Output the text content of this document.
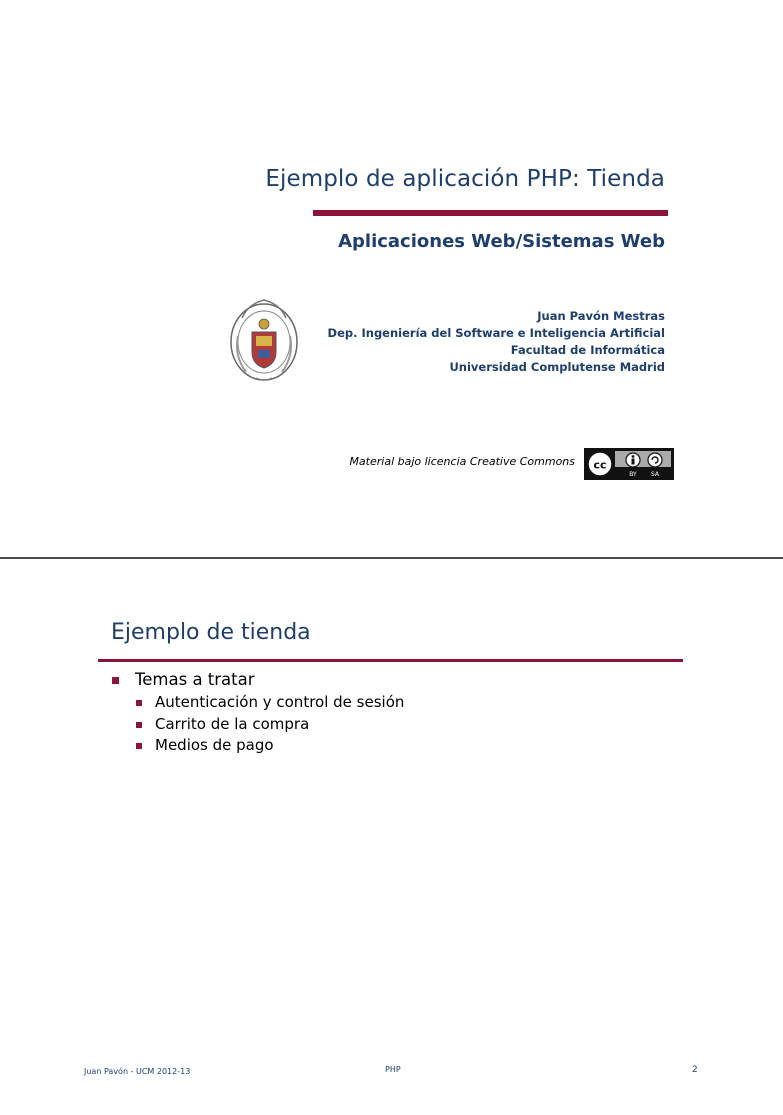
Ejemplo de aplicación PHP: Tienda
Aplicaciones Web/Sistemas Web
Juan Pavón Mestras
Dep. Ingeniería del Software e Inteligencia Artificial
Facultad de Informática
Universidad Complutense Madrid
Material bajo licencia Creative Commons cc
BY SA
Ejemplo de tienda
Temas a tratar
Autenticación y control de sesión
Carrito de la compra
Medios de pago
Juan Pavón - UCM 2012-13	PHP	2
